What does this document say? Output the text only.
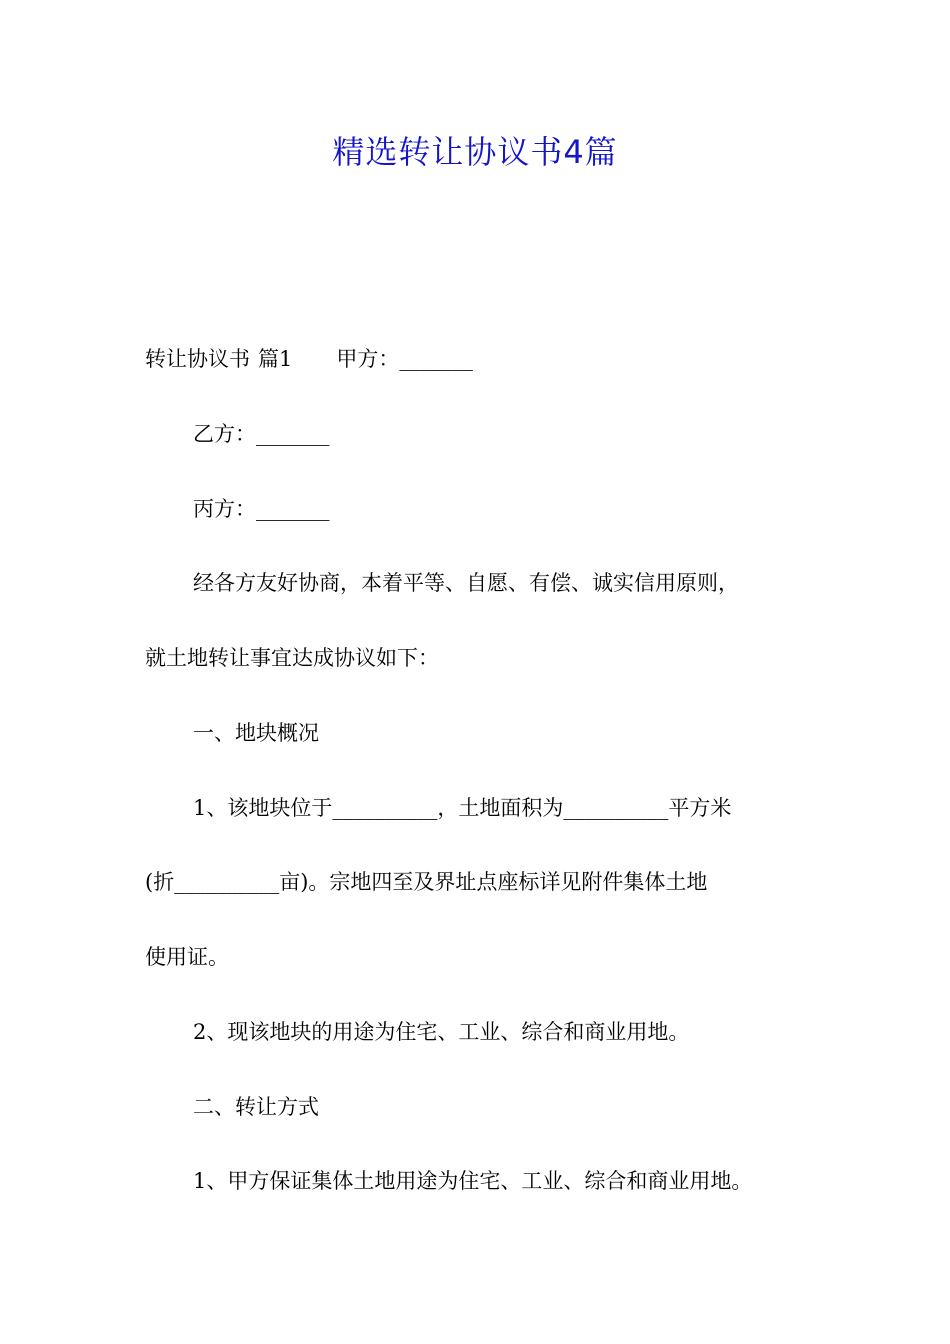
精选转让协议书4篇
转让协议书 篇1 甲方：_______
乙方：_______
丙方：_______
经各方友好协商，本着平等、自愿、有偿、诚实信用原则，
就土地转让事宜达成协议如下：
一、地块概况
1、该地块位于__________，土地面积为__________平方米
(折__________亩)。宗地四至及界址点座标详见附件集体土地
使用证。
2、现该地块的用途为住宅、工业、综合和商业用地。
二、转让方式
1、甲方保证集体土地用途为住宅、工业、综合和商业用地。
